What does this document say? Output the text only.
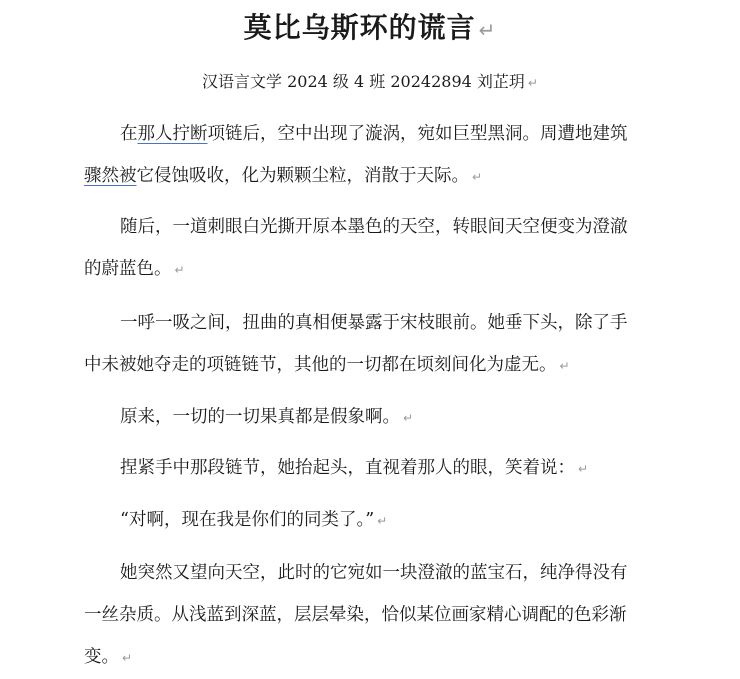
莫比乌斯环的谎言 ↵
汉语言文学 2024 级 4 班 20242894 刘芷玥 ↵

在那人拧断项链后，空中出现了漩涡，宛如巨型黑洞。周遭地建筑骤然被它侵蚀吸收，化为颗颗尘粒，消散于天际。 ↵

随后，一道刺眼白光撕开原本墨色的天空，转眼间天空便变为澄澈的蔚蓝色。 ↵

一呼一吸之间，扭曲的真相便暴露于宋枝眼前。她垂下头，除了手中未被她夺走的项链链节，其他的一切都在顷刻间化为虚无。 ↵

原来，一切的一切果真都是假象啊。 ↵

捏紧手中那段链节，她抬起头，直视着那人的眼，笑着说： ↵

“对啊，现在我是你们的同类了。” ↵

她突然又望向天空，此时的它宛如一块澄澈的蓝宝石，纯净得没有一丝杂质。从浅蓝到深蓝，层层晕染，恰似某位画家精心调配的色彩渐变。 ↵
